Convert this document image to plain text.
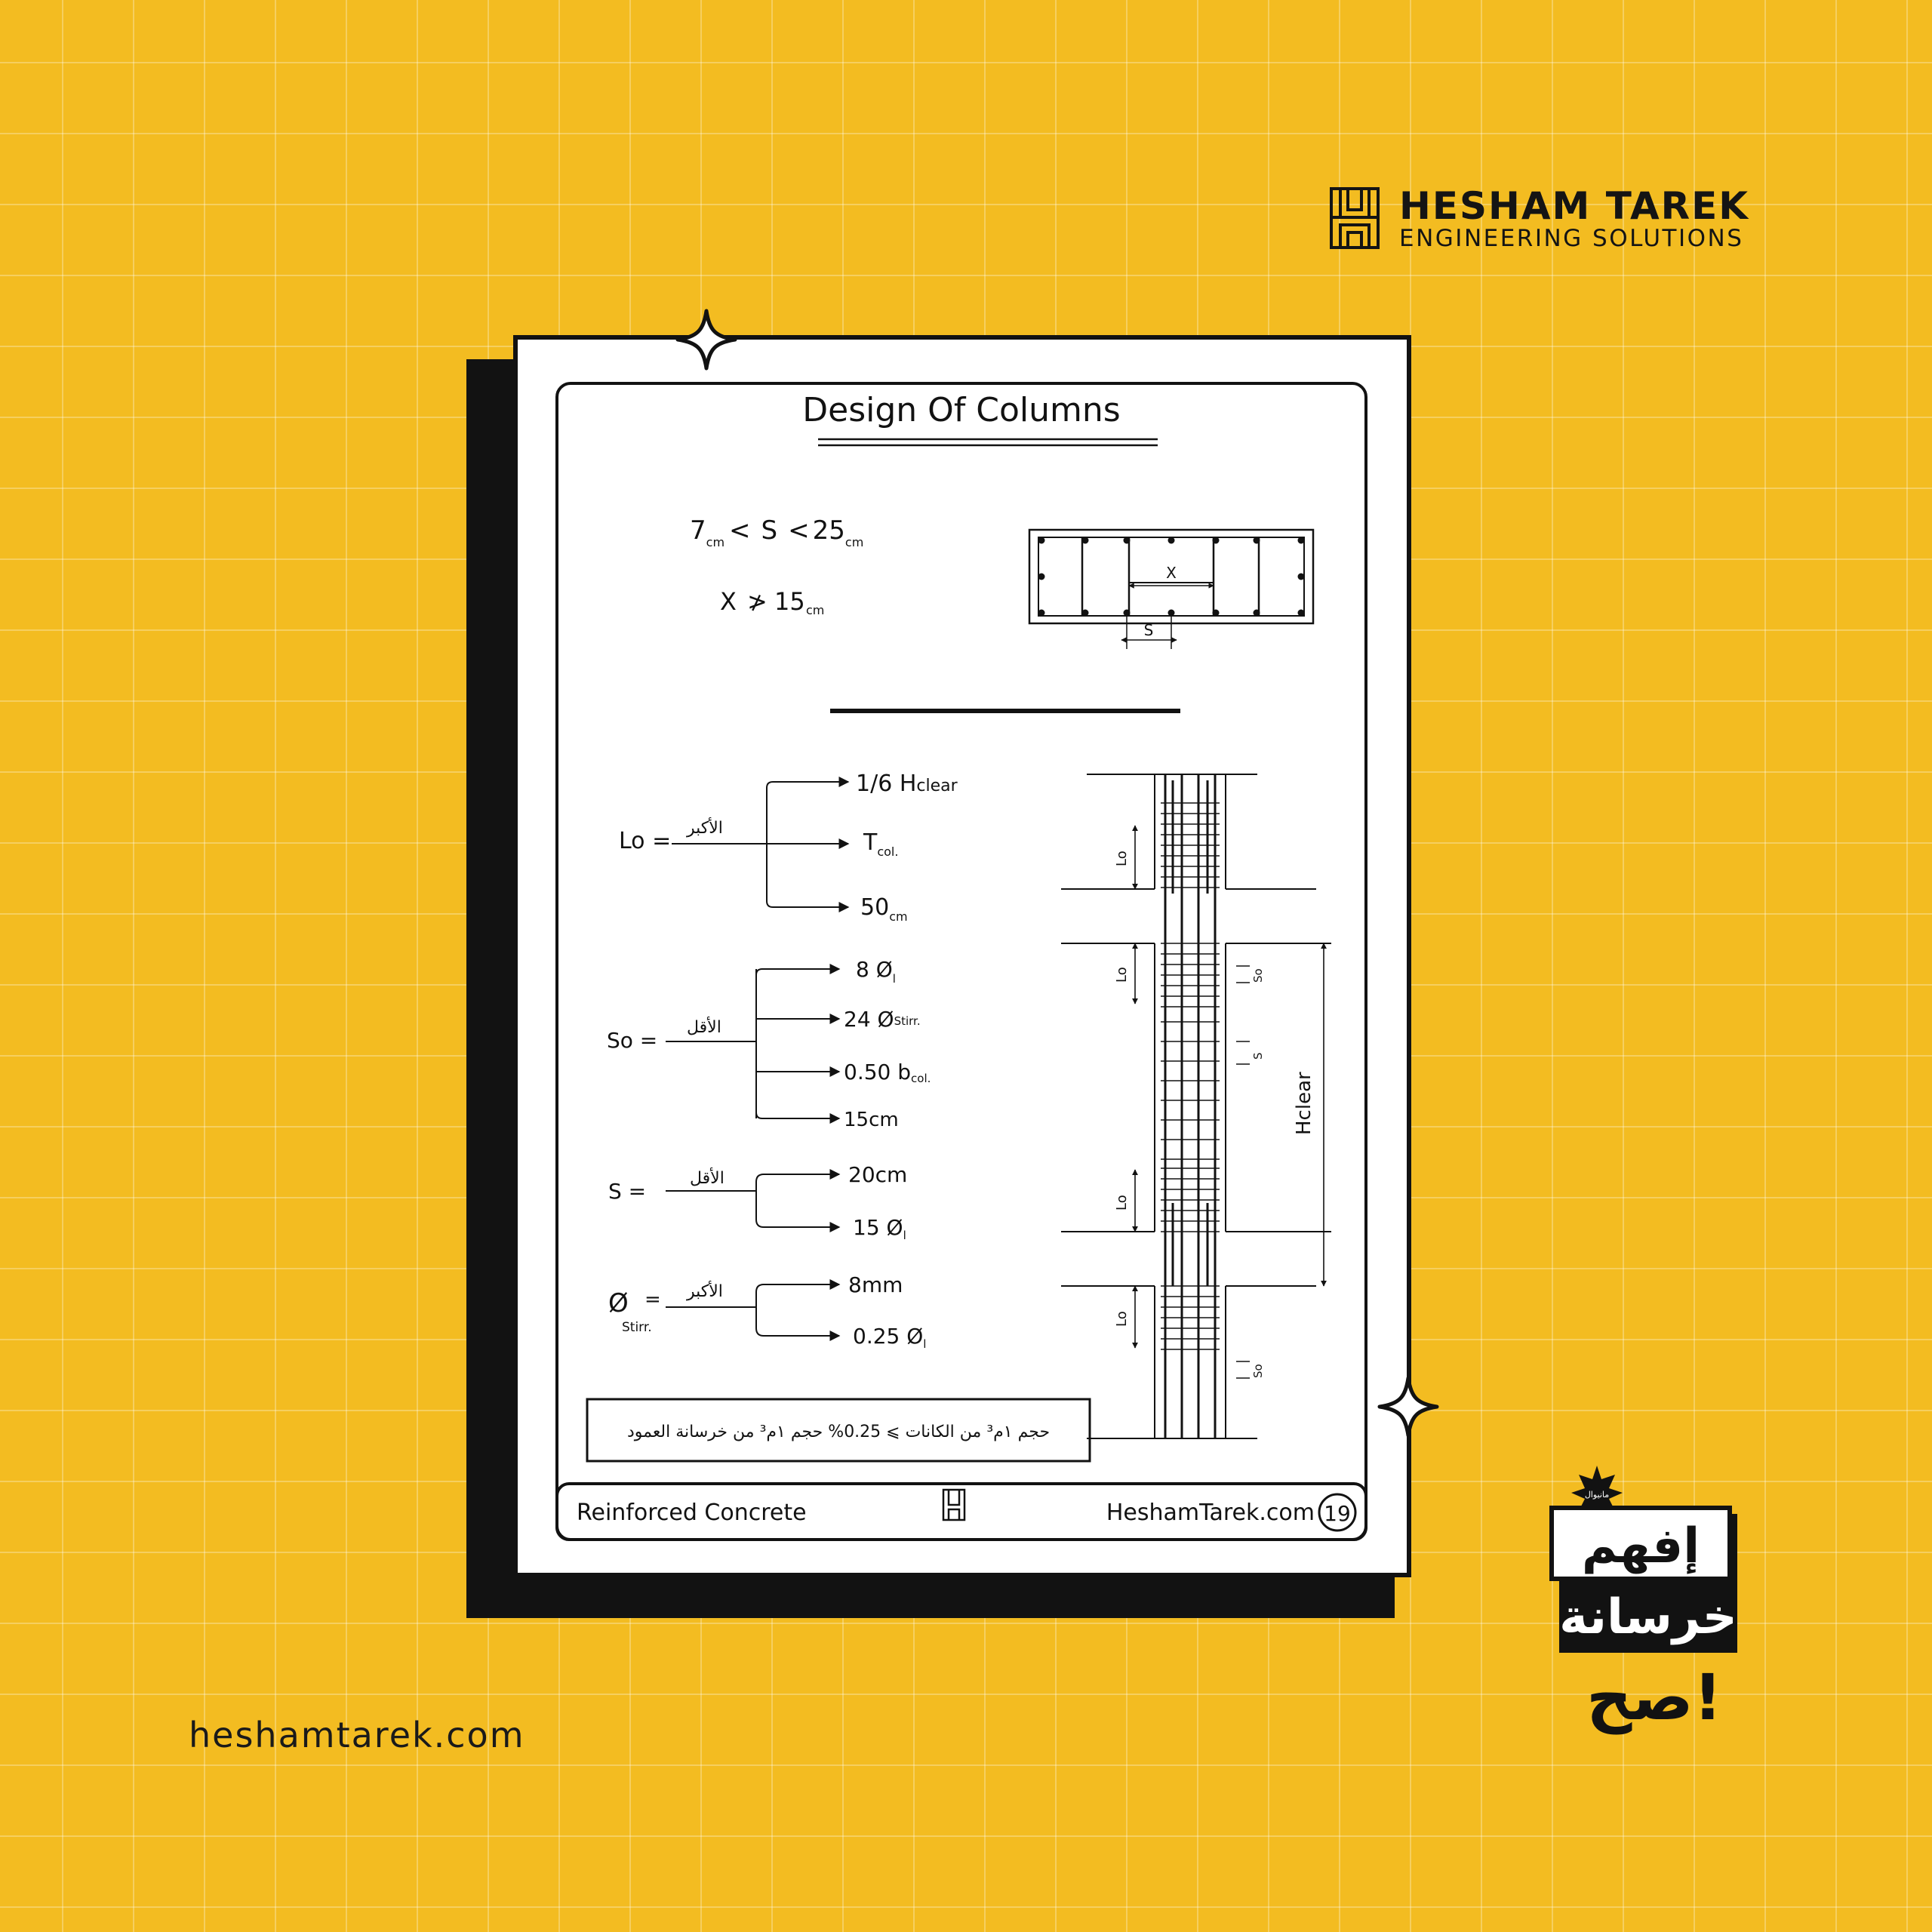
HESHAM TAREK
ENGINEERING SOLUTIONS
Design Of Columns
$7_{cm} < S < 25_{cm}$
X ≯ 15 cm
X
S
Lo = الأكبر
1/6 Hclear
$T_{col.}$
$50_{cm}$
So =
الأقل
8 $Ø_l$
24 ØStirr.
0.50 bcol.
15cm
S =
الأقل	20cm
15 $Ø_l$
Ø
Stirr.
= الأكبر	8mm
0.25 $Ø_l$
Lo
Lo
Lo
Lo
So
S
So
Hclear
حجم ١م³ من الكانات ⩾ 0.25% حجم ١م³ من خرسانة العمود
Reinforced Concrete	HeshamTarek.com 19
heshamtarek.com
مانيوال
إفهم
خرسانة
صح!
